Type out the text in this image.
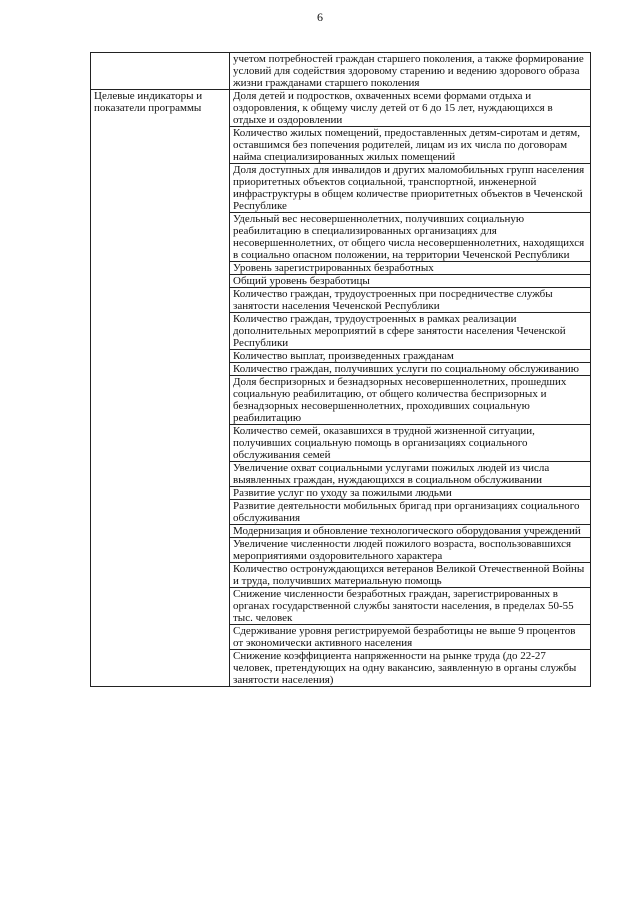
6

	учетом потребностей граждан старшего поколения, а также формирование условий для содействия здоровому старению и ведению здорового образа жизни гражданами старшего поколения

Целевые индикаторы и показатели программы	Доля детей и подростков, охваченных всеми формами отдыха и оздоровления, к общему числу детей от 6 до 15 лет, нуждающихся в отдыхе и оздоровлении

	Количество жилых помещений, предоставленных детям-сиротам и детям, оставшимся без попечения родителей, лицам из их числа по договорам найма специализированных жилых помещений

	Доля доступных для инвалидов и других маломобильных групп населения приоритетных объектов социальной, транспортной, инженерной инфраструктуры в общем количестве приоритетных объектов в Чеченской Республике

	Удельный вес несовершеннолетних, получивших социальную реабилитацию в специализированных организациях для несовершеннолетних, от общего числа несовершеннолетних, находящихся в социально опасном положении, на территории Чеченской Республики

	Уровень зарегистрированных безработных

	Общий уровень безработицы

	Количество граждан, трудоустроенных при посредничестве службы занятости населения Чеченской Республики

	Количество граждан, трудоустроенных в рамках реализации дополнительных мероприятий в сфере занятости населения Чеченской Республики

	Количество выплат, произведенных гражданам

	Количество граждан, получивших услуги по социальному обслуживанию

	Доля беспризорных и безнадзорных несовершеннолетних, прошедших социальную реабилитацию, от общего количества беспризорных и безнадзорных несовершеннолетних, проходивших социальную реабилитацию

	Количество семей, оказавшихся в трудной жизненной ситуации, получивших социальную помощь в организациях социального обслуживания семей

	Увеличение охват социальными услугами пожилых людей из числа выявленных граждан, нуждающихся в социальном обслуживании

	Развитие услуг по уходу за пожилыми людьми

	Развитие деятельности мобильных бригад при организациях социального обслуживания

	Модернизация и обновление технологического оборудования учреждений

	Увеличение численности людей пожилого возраста, воспользовавшихся мероприятиями оздоровительного характера

	Количество остронуждающихся ветеранов Великой Отечественной Войны и труда, получивших материальную помощь

	Снижение численности безработных граждан, зарегистрированных в органах государственной службы занятости населения, в пределах 50-55 тыс. человек

	Сдерживание уровня регистрируемой безработицы не выше 9 процентов от экономически активного населения

	Снижение коэффициента напряженности на рынке труда (до 22-27 человек, претендующих на одну вакансию, заявленную в органы службы занятости населения)
